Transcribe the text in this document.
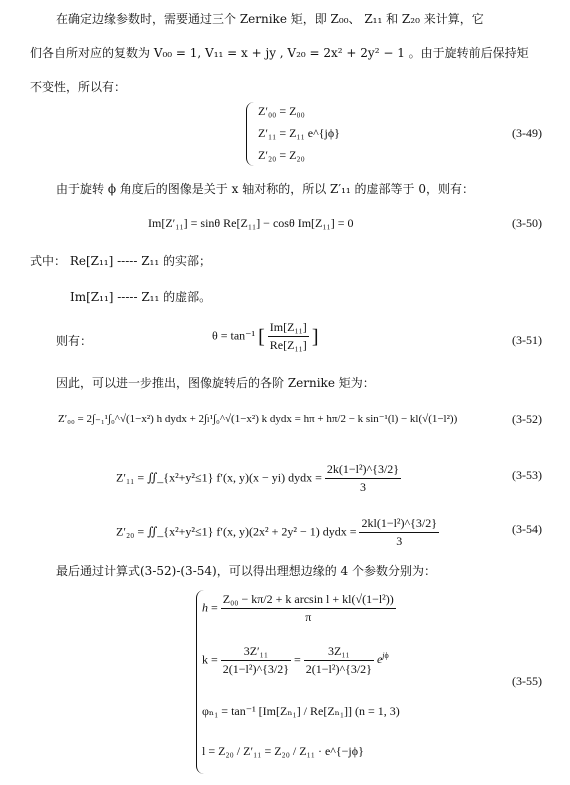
在确定边缘参数时，需要通过三个 Zernike 矩，即 Z₀₀、 Z₁₁ 和 Z₂₀ 来计算，它
们各自所对应的复数为 V₀₀ = 1, V₁₁ = x + jy , V₂₀ = 2x² + 2y² − 1 。由于旋转前后保持矩
不变性，所以有：
Z′₀₀ = Z₀₀
Z′₁₁ = Z₁₁ e^{jϕ}
Z′₂₀ = Z₂₀
(3-49)
由于旋转 ϕ 角度后的图像是关于 x 轴对称的，所以 Z′₁₁ 的虚部等于 0，则有：
Im[Z′₁₁] = sinθ Re[Z₁₁] − cosθ Im[Z₁₁] = 0	(3-50)
式中： Re[Z₁₁] ----- Z₁₁ 的实部；
Im[Z₁₁] ----- Z₁₁ 的虚部。
则有：	θ = tan⁻¹ [ $\frac{\text{Im[Z₁₁]}}{\text{Re[Z₁₁]}}$ ]	(3-51)
因此，可以进一步推出，图像旋转后的各阶 Zernike 矩为：
Z′₀₀ = 2∫₋₁¹∫₀^√(1−x²) h dydx + 2∫ₗ¹∫₀^√(1−x²) k dydx = hπ + hπ/2 − k sin⁻¹(l) − kl(√(1−l²))	(3-52)
Z′₁₁ = ∬_{x²+y²≤1} f′(x, y)(x − yi) dydx = $\frac{\text{2k(1−l²)\textasciicircum{}\{3/2\}}}{3}$	(3-53)
Z′₂₀ = ∬_{x²+y²≤1} f′(x, y)(2x² + 2y² − 1) dydx = $\frac{\text{2kl(1−l²)\textasciicircum{}\{3/2\}}}{3}$	(3-54)
最后通过计算式(3-52)-(3-54)，可以得出理想边缘的 4 个参数分别为：
$h = \frac{\text{Z₀₀ − kπ/2 + k arcsin l + kl(√(1−l²))}}{\pi}$
$k = \frac{\text{3Z′₁₁}}{\text{2(1−l²)\textasciicircum{}\{3/2\}}} = \frac{\text{3Z₁₁}}{\text{2(1−l²)\textasciicircum{}\{3/2\}}} e^{j\phi}$
φₙ₁ = tan⁻¹ [Im[Zₙ₁] / Re[Zₙ₁]] (n = 1, 3)
l = Z₂₀ / Z′₁₁ = Z₂₀ / Z₁₁ · e^{−jϕ}
(3-55)
